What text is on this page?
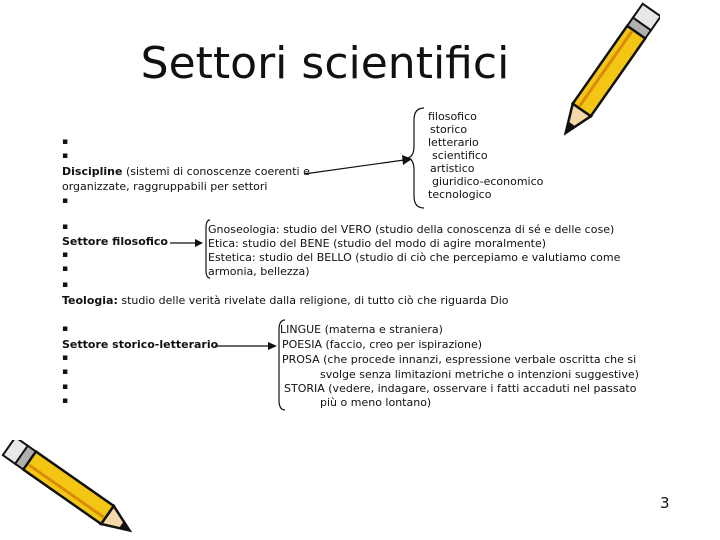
Settori scientifici
▪
▪
Discipline (sistemi di conoscenze coerenti e
organizzate, raggruppabili per settori
▪
filosofico
storico
letterario
scientifico
artistico
giuridico-economico
tecnologico
▪
Settore filosofico
▪
▪
▪
Gnoseologia: studio del VERO (studio della conoscenza di sé e delle cose)
Etica: studio del BENE (studio del modo di agire moralmente)
Estetica: studio del BELLO (studio di ciò che percepiamo e valutiamo come
armonia, bellezza)
Teologia: studio delle verità rivelate dalla religione, di tutto ciò che riguarda Dio
▪
Settore storico-letterario
▪
▪
▪
▪
LINGUE (materna e straniera)
POESIA (faccio, creo per ispirazione)
PROSA (che procede innanzi, espressione verbale oscritta che si
svolge senza limitazioni metriche o intenzioni suggestive)
STORIA (vedere, indagare, osservare i fatti accaduti nel passato
più o meno lontano)
3
